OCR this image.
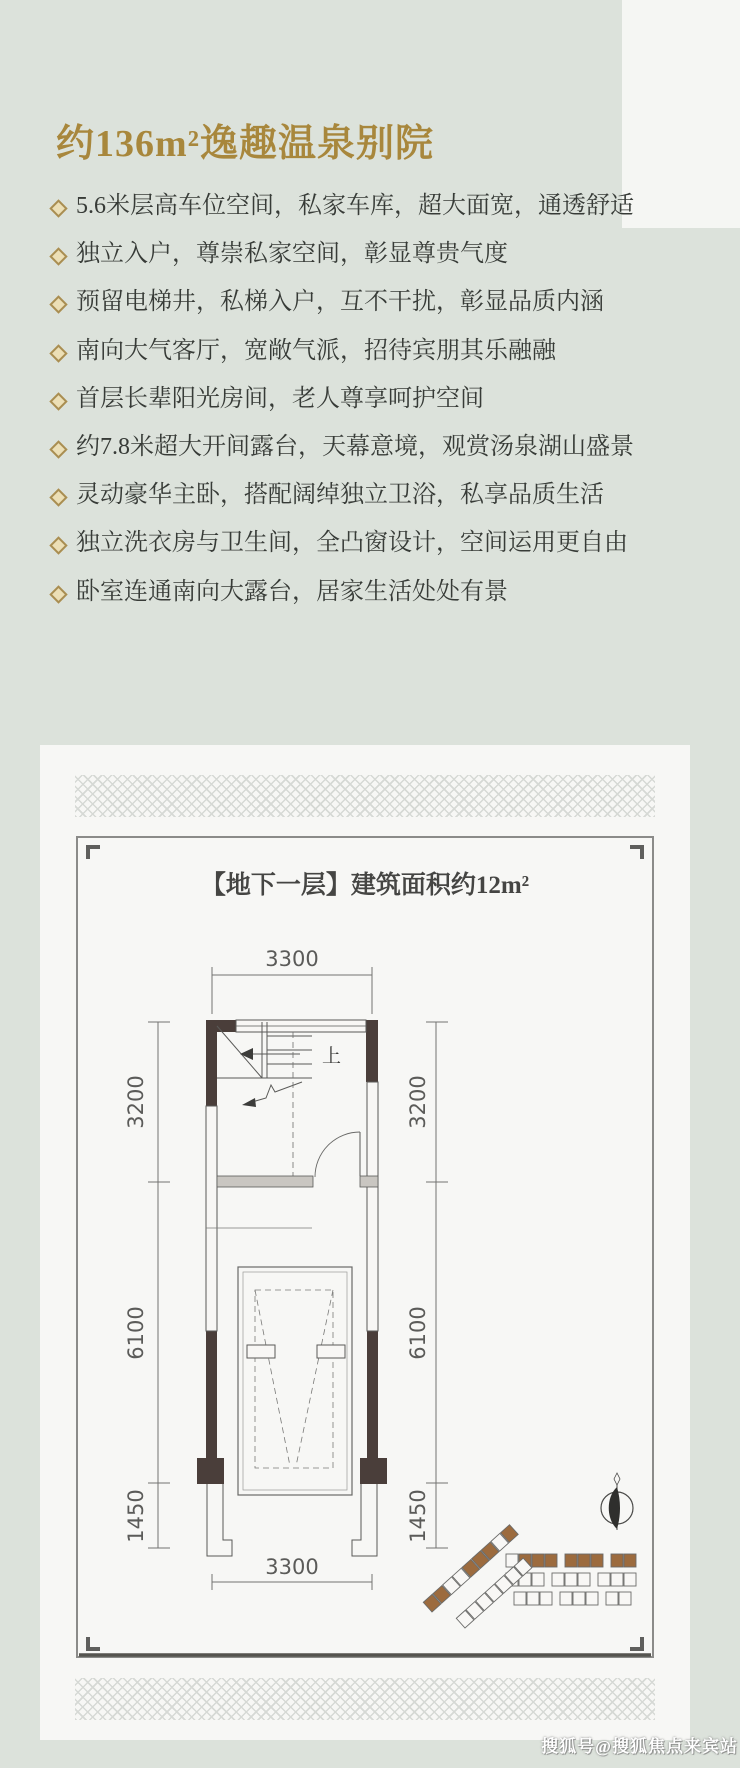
约136m²逸趣温泉别院
5.6米层高车位空间，私家车库，超大面宽，通透舒适
独立入户，尊崇私家空间，彰显尊贵气度
预留电梯井，私梯入户，互不干扰，彰显品质内涵
南向大气客厅，宽敞气派，招待宾朋其乐融融
首层长辈阳光房间，老人尊享呵护空间
约7.8米超大开间露台，天幕意境，观赏汤泉湖山盛景
灵动豪华主卧，搭配阔绰独立卫浴，私享品质生活
独立洗衣房与卫生间，全凸窗设计，空间运用更自由
卧室连通南向大露台，居家生活处处有景
【地下一层】建筑面积约12m²
3300
3300
3200
6100
1450
3200
6100
1450
上
搜狐号@搜狐焦点来宾站
